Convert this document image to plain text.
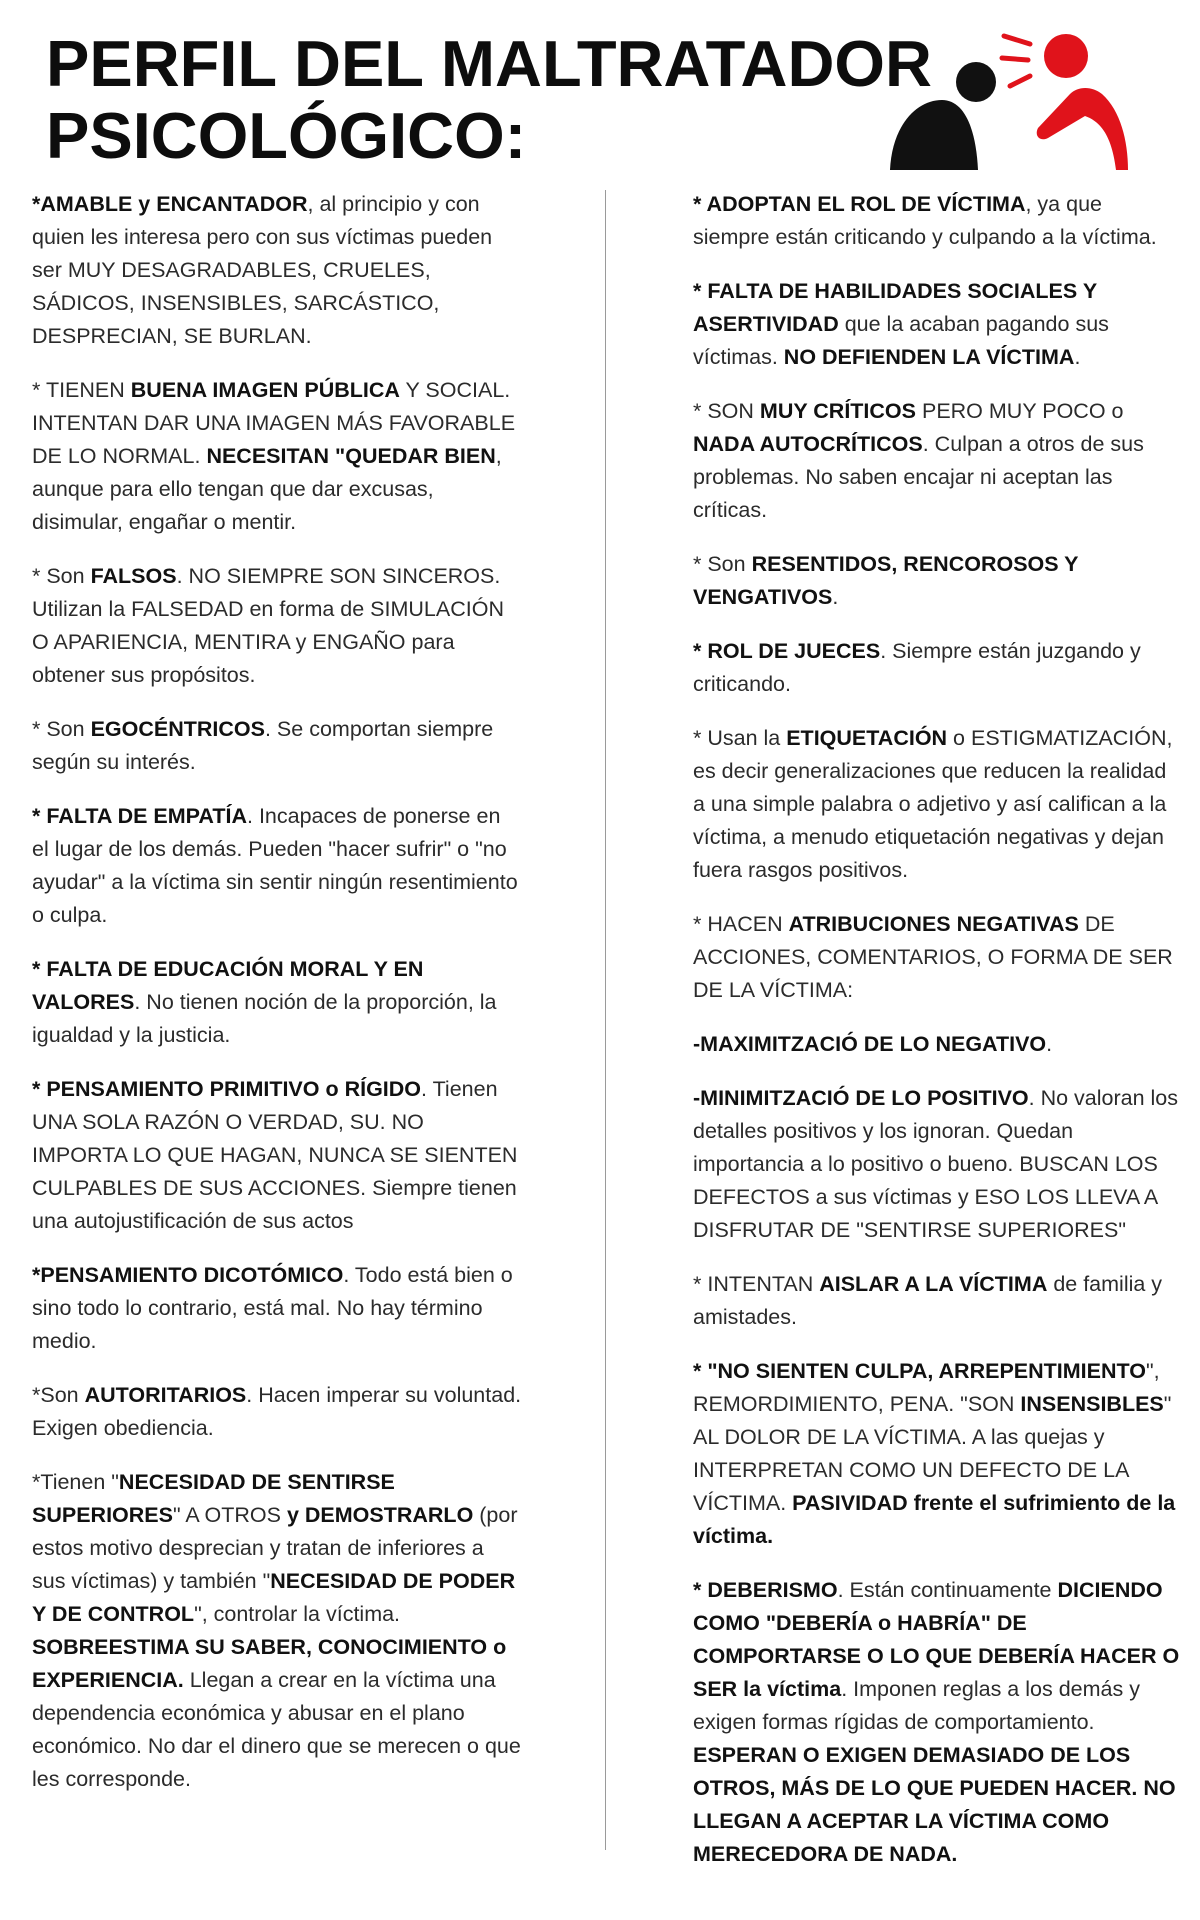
PERFIL DEL MALTRATADOR
PSICOLÓGICO:

*AMABLE y ENCANTADOR, al principio y con quien les interesa pero con sus víctimas pueden ser MUY DESAGRADABLES, CRUELES, SÁDICOS, INSENSIBLES, SARCÁSTICO, DESPRECIAN, SE BURLAN.

* TIENEN BUENA IMAGEN PÚBLICA Y SOCIAL. INTENTAN DAR UNA IMAGEN MÁS FAVORABLE DE LO NORMAL. NECESITAN "QUEDAR BIEN, aunque para ello tengan que dar excusas, disimular, engañar o mentir.

* Son FALSOS. NO SIEMPRE SON SINCEROS. Utilizan la FALSEDAD en forma de SIMULACIÓN O APARIENCIA, MENTIRA y ENGAÑO para obtener sus propósitos.

* Son EGOCÉNTRICOS. Se comportan siempre según su interés.

* FALTA DE EMPATÍA. Incapaces de ponerse en el lugar de los demás. Pueden "hacer sufrir" o "no ayudar" a la víctima sin sentir ningún resentimiento o culpa.

* FALTA DE EDUCACIÓN MORAL Y EN VALORES. No tienen noción de la proporción, la igualdad y la justicia.

* PENSAMIENTO PRIMITIVO o RÍGIDO. Tienen UNA SOLA RAZÓN O VERDAD, SU. NO IMPORTA LO QUE HAGAN, NUNCA SE SIENTEN CULPABLES DE SUS ACCIONES. Siempre tienen una autojustificación de sus actos

*PENSAMIENTO DICOTÓMICO. Todo está bien o sino todo lo contrario, está mal. No hay término medio.

*Son AUTORITARIOS. Hacen imperar su voluntad. Exigen obediencia.

*Tienen "NECESIDAD DE SENTIRSE SUPERIORES" A OTROS y DEMOSTRARLO (por estos motivo desprecian y tratan de inferiores a sus víctimas) y también "NECESIDAD DE PODER Y DE CONTROL", controlar la víctima. SOBREESTIMA SU SABER, CONOCIMIENTO o EXPERIENCIA. Llegan a crear en la víctima una dependencia económica y abusar en el plano económico. No dar el dinero que se merecen o que les corresponde.

* ADOPTAN EL ROL DE VÍCTIMA, ya que siempre están criticando y culpando a la víctima.

* FALTA DE HABILIDADES SOCIALES Y ASERTIVIDAD que la acaban pagando sus víctimas. NO DEFIENDEN LA VÍCTIMA.

* SON MUY CRÍTICOS PERO MUY POCO o NADA AUTOCRÍTICOS. Culpan a otros de sus problemas. No saben encajar ni aceptan las críticas.

* Son RESENTIDOS, RENCOROSOS Y VENGATIVOS.

* ROL DE JUECES. Siempre están juzgando y criticando.

* Usan la ETIQUETACIÓN o ESTIGMATIZACIÓN, es decir generalizaciones que reducen la realidad a una simple palabra o adjetivo y así califican a la víctima, a menudo etiquetación negativas y dejan fuera rasgos positivos.

* HACEN ATRIBUCIONES NEGATIVAS DE ACCIONES, COMENTARIOS, O FORMA DE SER DE LA VÍCTIMA:

-MAXIMITZACIÓ DE LO NEGATIVO.

-MINIMITZACIÓ DE LO POSITIVO. No valoran los detalles positivos y los ignoran. Quedan importancia a lo positivo o bueno. BUSCAN LOS DEFECTOS a sus víctimas y ESO LOS LLEVA A DISFRUTAR DE "SENTIRSE SUPERIORES"

* INTENTAN AISLAR A LA VÍCTIMA de familia y amistades.

* "NO SIENTEN CULPA, ARREPENTIMIENTO", REMORDIMIENTO, PENA. "SON INSENSIBLES" AL DOLOR DE LA VÍCTIMA. A las quejas y INTERPRETAN COMO UN DEFECTO DE LA VÍCTIMA. PASIVIDAD frente el sufrimiento de la víctima.

* DEBERISMO. Están continuamente DICIENDO COMO "DEBERÍA o HABRÍA" DE COMPORTARSE O LO QUE DEBERÍA HACER O SER la víctima. Imponen reglas a los demás y exigen formas rígidas de comportamiento. ESPERAN O EXIGEN DEMASIADO DE LOS OTROS, MÁS DE LO QUE PUEDEN HACER. NO LLEGAN A ACEPTAR LA VÍCTIMA COMO MERECEDORA DE NADA.
